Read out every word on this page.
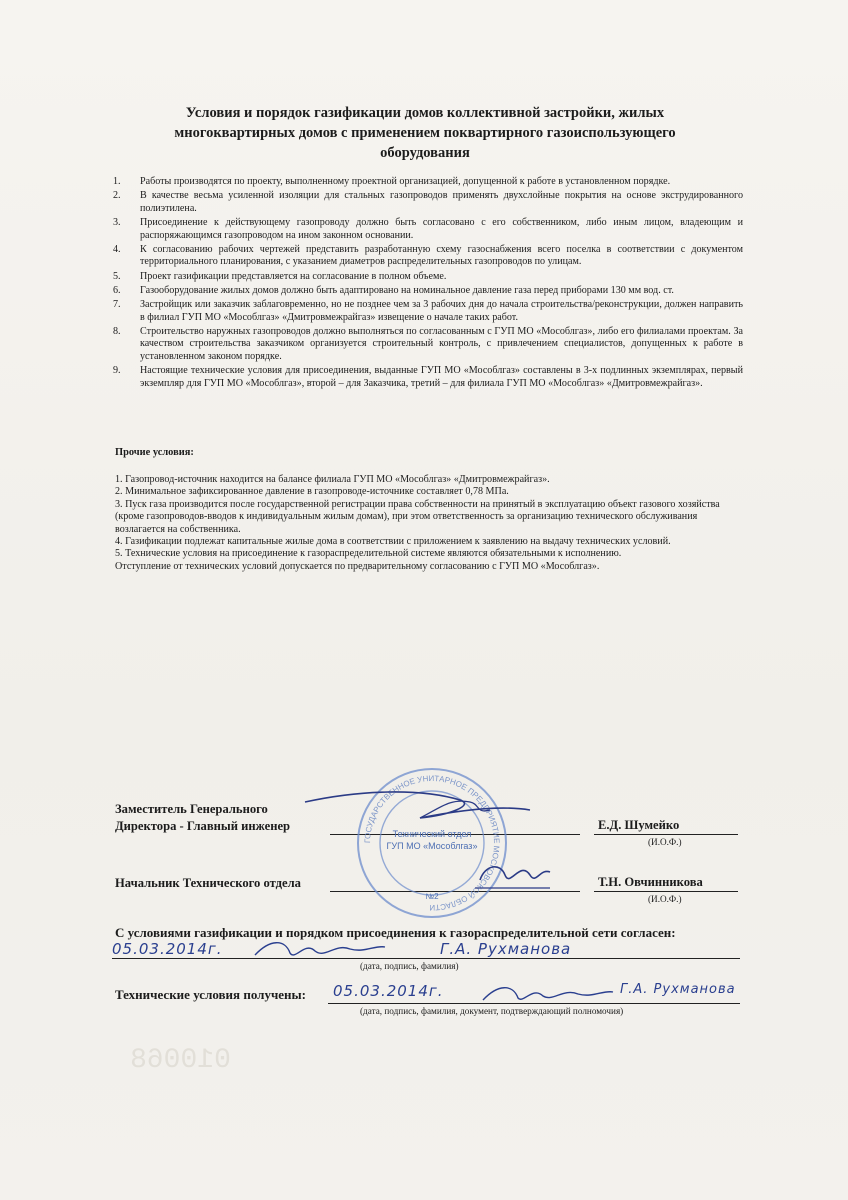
Условия и порядок газификации домов коллективной застройки, жилых многоквартирных домов с применением поквартирного газоиспользующего оборудования
1. Работы производятся по проекту, выполненному проектной организацией, допущенной к работе в установленном порядке.
2. В качестве весьма усиленной изоляции для стальных газопроводов применять двухслойные покрытия на основе экструдированного полиэтилена.
3. Присоединение к действующему газопроводу должно быть согласовано с его собственником, либо иным лицом, владеющим и распоряжающимся газопроводом на ином законном основании.
4. К согласованию рабочих чертежей представить разработанную схему газоснабжения всего поселка в соответствии с документом территориального планирования, с указанием диаметров распределительных газопроводов по улицам.
5. Проект газификации представляется на согласование в полном объеме.
6. Газооборудование жилых домов должно быть адаптировано на номинальное давление газа перед приборами 130 мм вод. ст.
7. Застройщик или заказчик заблаговременно, но не позднее чем за 3 рабочих дня до начала строительства/реконструкции, должен направить в филиал ГУП МО «Мособлгаз» «Дмитровмежрайгаз» извещение о начале таких работ.
8. Строительство наружных газопроводов должно выполняться по согласованным с ГУП МО «Мособлгаз», либо его филиалами проектам. За качеством строительства заказчиком организуется строительный контроль, с привлечением специалистов, допущенных к работе в установленном законом порядке.
9. Настоящие технические условия для присоединения, выданные ГУП МО «Мособлгаз» составлены в 3-х подлинных экземплярах, первый экземпляр для ГУП МО «Мособлгаз», второй – для Заказчика, третий – для филиала ГУП МО «Мособлгаз» «Дмитровмежрайгаз».
Прочие условия:
1. Газопровод-источник находится на балансе филиала ГУП МО «Мособлгаз» «Дмитровмежрайгаз».
2. Минимальное зафиксированное давление в газопроводе-источнике составляет 0,78 МПа.
3. Пуск газа производится после государственной регистрации права собственности на принятый в эксплуатацию объект газового хозяйства (кроме газопроводов-вводов к индивидуальным жилым домам), при этом ответственность за организацию технического обслуживания возлагается на собственника.
4. Газификации подлежат капитальные жилые дома в соответствии с приложением к заявлению на выдачу технических условий.
5. Технические условия на присоединение к газораспределительной системе являются обязательными к исполнению.
Отступление от технических условий допускается по предварительному согласованию с ГУП МО «Мособлгаз».
Заместитель Генерального
Директора - Главный инженер	Е.Д. Шумейко
(И.О.Ф.)
Начальник Технического отдела	Т.Н. Овчинникова
(И.О.Ф.)
ГОСУДАРСТВЕННОЕ УНИТАРНОЕ ПРЕДПРИЯТИЕ МОСКОВСКОЙ ОБЛАСТИ
Технический отдел
ГУП МО «Мособлгаз»
№2
С условиями газификации и порядком присоединения к газораспределительной сети согласен:
05.03.2014г.	Г.А. Рухманова
(дата, подпись, фамилия)
Технические условия получены: 05.03.2014г.	Г.А. Рухманова
(дата, подпись, фамилия, документ, подтверждающий полномочия)
010068
